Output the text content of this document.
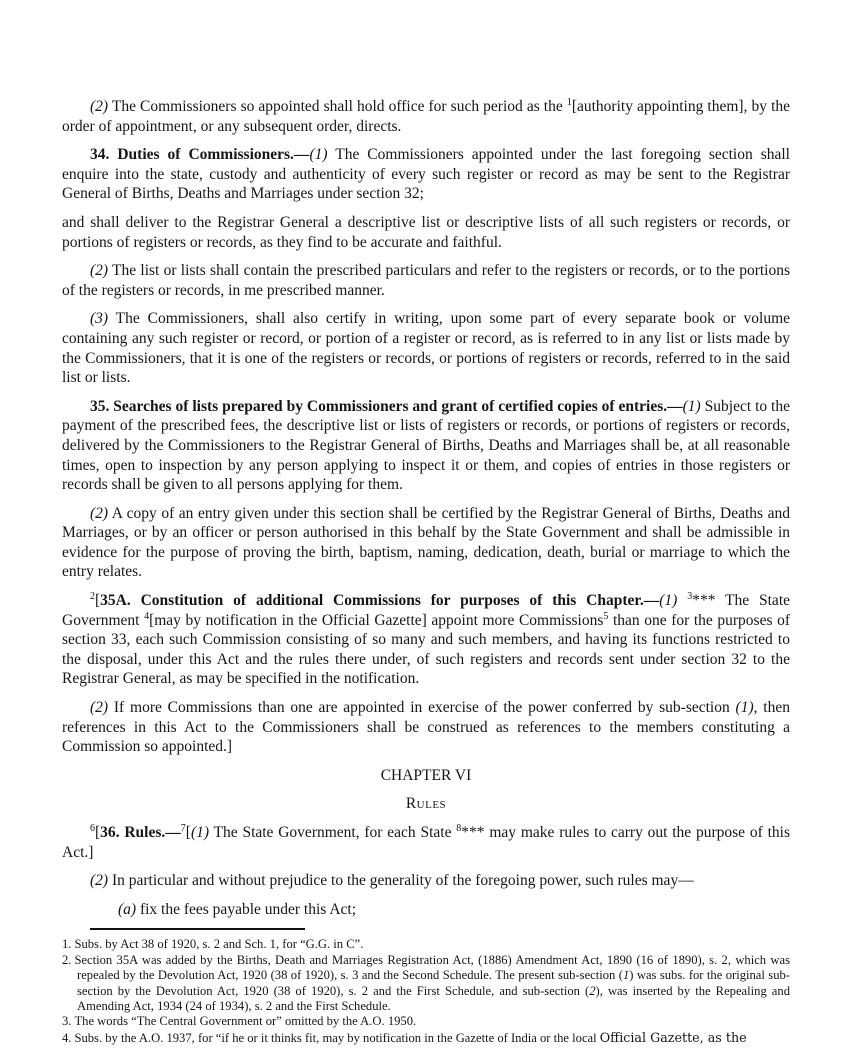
(2) The Commissioners so appointed shall hold office for such period as the $^1$[authority appointing them], by the order of appointment, or any subsequent order, directs.

34. Duties of Commissioners.—(1) The Commissioners appointed under the last foregoing section shall enquire into the state, custody and authenticity of every such register or record as may be sent to the Registrar General of Births, Deaths and Marriages under section 32;

and shall deliver to the Registrar General a descriptive list or descriptive lists of all such registers or records, or portions of registers or records, as they find to be accurate and faithful.

(2) The list or lists shall contain the prescribed particulars and refer to the registers or records, or to the portions of the registers or records, in me prescribed manner.

(3) The Commissioners, shall also certify in writing, upon some part of every separate book or volume containing any such register or record, or portion of a register or record, as is referred to in any list or lists made by the Commissioners, that it is one of the registers or records, or portions of registers or records, referred to in the said list or lists.

35. Searches of lists prepared by Commissioners and grant of certified copies of entries.—(1) Subject to the payment of the prescribed fees, the descriptive list or lists of registers or records, or portions of registers or records, delivered by the Commissioners to the Registrar General of Births, Deaths and Marriages shall be, at all reasonable times, open to inspection by any person applying to inspect it or them, and copies of entries in those registers or records shall be given to all persons applying for them.

(2) A copy of an entry given under this section shall be certified by the Registrar General of Births, Deaths and Marriages, or by an officer or person authorised in this behalf by the State Government and shall be admissible in evidence for the purpose of proving the birth, baptism, naming, dedication, death, burial or marriage to which the entry relates.

$^2$[35A. Constitution of additional Commissions for purposes of this Chapter.—(1) $^3$*** The State Government $^4$[may by notification in the Official Gazette] appoint more Commissions$^5$ than one for the purposes of section 33, each such Commission consisting of so many and such members, and having its functions restricted to the disposal, under this Act and the rules there under, of such registers and records sent under section 32 to the Registrar General, as may be specified in the notification.

(2) If more Commissions than one are appointed in exercise of the power conferred by sub-section (1), then references in this Act to the Commissioners shall be construed as references to the members constituting a Commission so appointed.]

CHAPTER VI

Rules

$^6$[36. Rules.—$^7$[(1) The State Government, for each State $^8$*** may make rules to carry out the purpose of this Act.]

(2) In particular and without prejudice to the generality of the foregoing power, such rules may—

(a) fix the fees payable under this Act;

1. Subs. by Act 38 of 1920, s. 2 and Sch. 1, for “G.G. in C”.

2. Section 35A was added by the Births, Death and Marriages Registration Act, (1886) Amendment Act, 1890 (16 of 1890), s. 2, which was repealed by the Devolution Act, 1920 (38 of 1920), s. 3 and the Second Schedule. The present sub-section (1) was subs. for the original sub-section by the Devolution Act, 1920 (38 of 1920), s. 2 and the First Schedule, and sub-section (2), was inserted by the Repealing and Amending Act, 1934 (24 of 1934), s. 2 and the First Schedule.

3. The words “The Central Government or” omitted by the A.O. 1950.

4. Subs. by the A.O. 1937, for “if he or it thinks fit, may by notification in the Gazette of India or the local Official Gazette, as the
